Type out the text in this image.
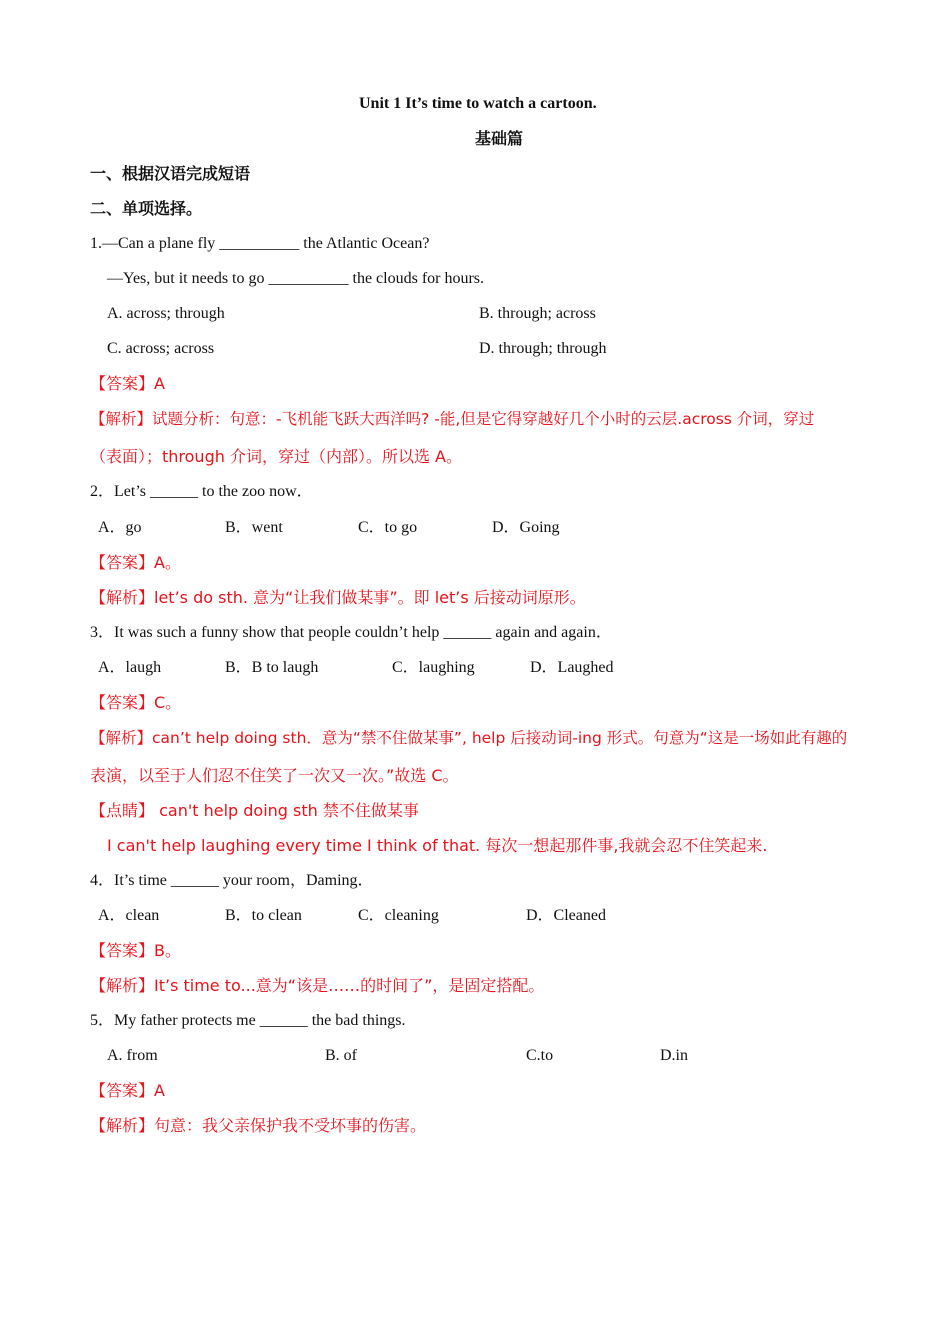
Unit 1 It’s time to watch a cartoon.
基础篇
一、根据汉语完成短语
二、单项选择。
1.—Can a plane fly __________ the Atlantic Ocean?
—Yes, but it needs to go __________ the clouds for hours.
A. across; through	B. through; across
C. across; across	D. through; through
【答案】A
【解析】试题分析：句意：-飞机能飞跃大西洋吗? -能,但是它得穿越好几个小时的云层.across 介词，穿过
（表面）；through 介词，穿过（内部）。所以选 A。
2．Let’s ______ to the zoo now．
A．go	B．went	C．to go	D．Going
【答案】A。
【解析】let’s do sth. 意为“让我们做某事”。即 let’s 后接动词原形。
3．It was such a funny show that people couldn’t help ______ again and again．
A．laugh	B．B to laugh	C．laughing	D．Laughed
【答案】C。
【解析】can’t help doing sth．意为“禁不住做某事”, help 后接动词-ing 形式。句意为“这是一场如此有趣的
表演，以至于人们忍不住笑了一次又一次。”故选 C。
【点睛】 can't help doing sth 禁不住做某事
I can't help laughing every time I think of that. 每次一想起那件事,我就会忍不住笑起来.
4．It’s time ______ your room，Daming．
A．clean	B．to clean	C．cleaning	D．Cleaned
【答案】B。
【解析】It’s time to...意为“该是……的时间了”，是固定搭配。
5．My father protects me ______ the bad things.
A. from	B. of	C.to	D.in
【答案】A
【解析】句意：我父亲保护我不受坏事的伤害。
